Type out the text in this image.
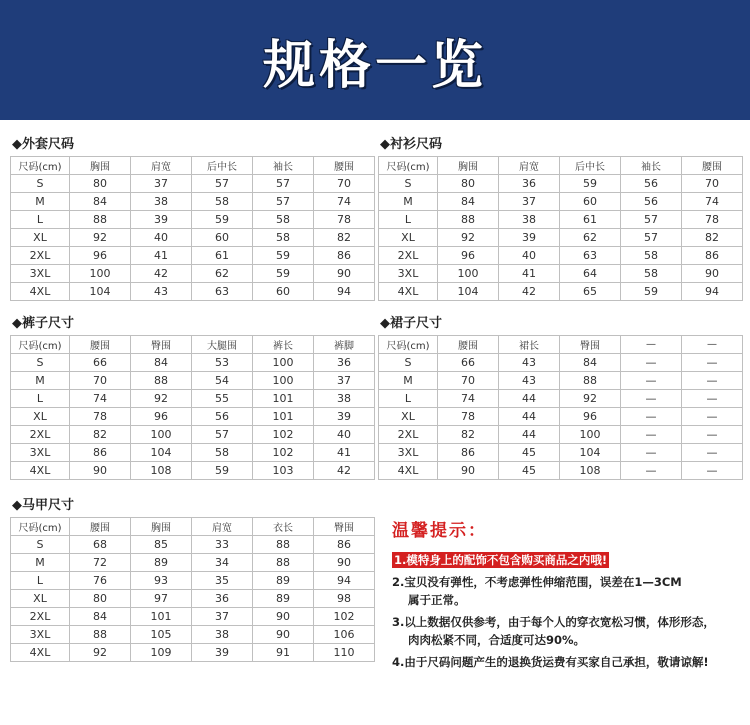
规格一览
◆外套尺码
尺码(cm)	胸围	肩宽	后中长	袖长	腰围
S	80	37	57	57	70
M	84	38	58	57	74
L	88	39	59	58	78
XL	92	40	60	58	82
2XL	96	41	61	59	86
3XL	100	42	62	59	90
4XL	104	43	63	60	94
◆衬衫尺码
尺码(cm)	胸围	肩宽	后中长	袖长	腰围
S	80	36	59	56	70
M	84	37	60	56	74
L	88	38	61	57	78
XL	92	39	62	57	82
2XL	96	40	63	58	86
3XL	100	41	64	58	90
4XL	104	42	65	59	94
◆裤子尺寸
尺码(cm)	腰围	臀围	大腿围	裤长	裤脚
S	66	84	53	100	36
M	70	88	54	100	37
L	74	92	55	101	38
XL	78	96	56	101	39
2XL	82	100	57	102	40
3XL	86	104	58	102	41
4XL	90	108	59	103	42
◆裙子尺寸
尺码(cm)	腰围	裙长	臀围	—	—
S	66	43	84	—	—
M	70	43	88	—	—
L	74	44	92	—	—
XL	78	44	96	—	—
2XL	82	44	100	—	—
3XL	86	45	104	—	—
4XL	90	45	108	—	—
◆马甲尺寸
尺码(cm)	腰围	胸围	肩宽	衣长	臀围
S	68	85	33	88	86
M	72	89	34	88	90
L	76	93	35	89	94
XL	80	97	36	89	98
2XL	84	101	37	90	102
3XL	88	105	38	90	106
4XL	92	109	39	91	110
温馨提示：
1.模特身上的配饰不包含购买商品之内哦!
2.宝贝没有弹性，不考虑弹性伸缩范围，误差在1—3CM
属于正常。
3.以上数据仅供参考，由于每个人的穿衣宽松习惯，体形形态，
肉肉松紧不同，合适度可达90%。
4.由于尺码问题产生的退换货运费有买家自己承担，敬请谅解!
